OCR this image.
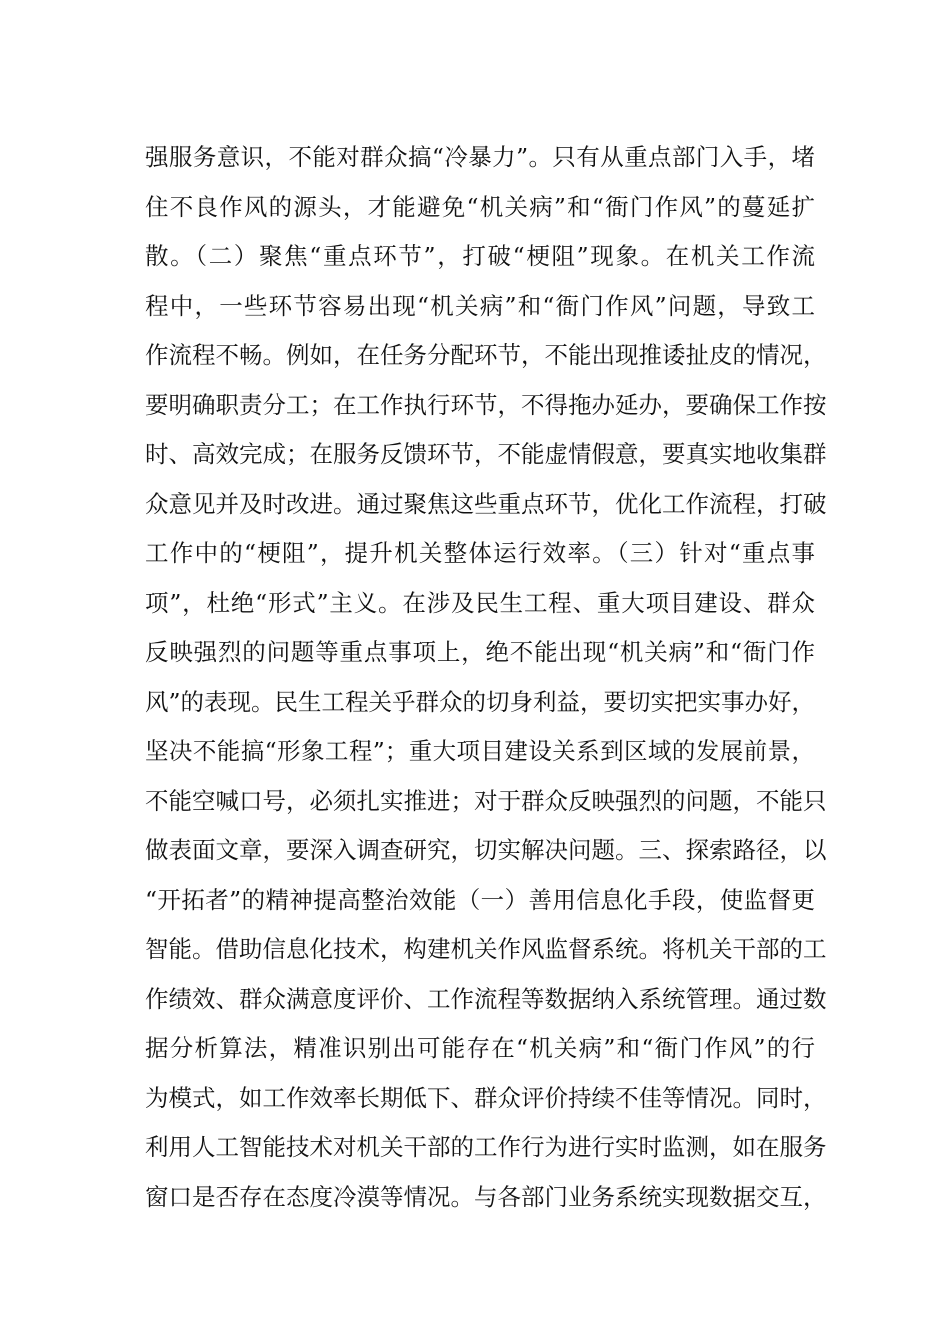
强服务意识，不能对群众搞“冷暴力”。只有从重点部门入手，堵
住不良作风的源头，才能避免“机关病”和“衙门作风”的蔓延扩
散。（二）聚焦“重点环节”，打破“梗阻”现象。在机关工作流
程中，一些环节容易出现“机关病”和“衙门作风”问题，导致工
作流程不畅。例如，在任务分配环节，不能出现推诿扯皮的情况，
要明确职责分工；在工作执行环节，不得拖办延办，要确保工作按
时、高效完成；在服务反馈环节，不能虚情假意，要真实地收集群
众意见并及时改进。通过聚焦这些重点环节，优化工作流程，打破
工作中的“梗阻”，提升机关整体运行效率。（三）针对“重点事
项”，杜绝“形式”主义。在涉及民生工程、重大项目建设、群众
反映强烈的问题等重点事项上，绝不能出现“机关病”和“衙门作
风”的表现。民生工程关乎群众的切身利益，要切实把实事办好，
坚决不能搞“形象工程”；重大项目建设关系到区域的发展前景，
不能空喊口号，必须扎实推进；对于群众反映强烈的问题，不能只
做表面文章，要深入调查研究，切实解决问题。三、探索路径，以
“开拓者”的精神提高整治效能（一）善用信息化手段，使监督更
智能。借助信息化技术，构建机关作风监督系统。将机关干部的工
作绩效、群众满意度评价、工作流程等数据纳入系统管理。通过数
据分析算法，精准识别出可能存在“机关病”和“衙门作风”的行
为模式，如工作效率长期低下、群众评价持续不佳等情况。同时，
利用人工智能技术对机关干部的工作行为进行实时监测，如在服务
窗口是否存在态度冷漠等情况。与各部门业务系统实现数据交互，
